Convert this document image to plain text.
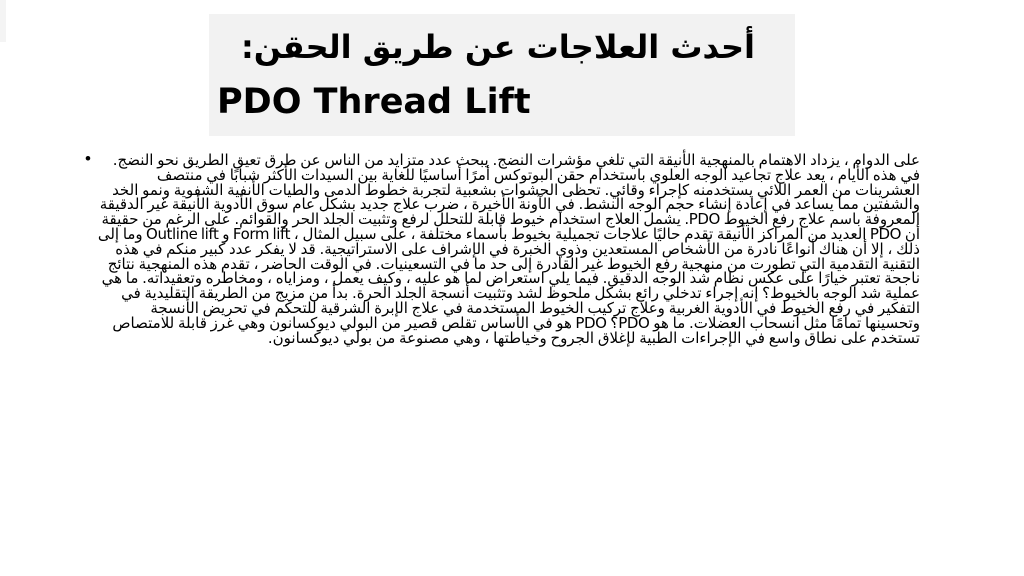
أحدث العلاجات عن طريق الحقن:
PDO Thread Lift
•	على الدوام ، يزداد الاهتمام بالمنهجية الأنيقة التي تلغي مؤشرات النضج. يبحث عدد متزايد من الناس عن طرق تعيق الطريق نحو النضج. في هذه الأيام ، يعد علاج تجاعيد الوجه العلوي باستخدام حقن البوتوكس أمرًا أساسيًا للغاية بين السيدات الأكثر شبابًا في منتصف العشرينات من العمر اللائي يستخدمنه كإجراء وقائي. تحظى الحشوات بشعبية لتجربة خطوط الدمى والطيات الأنفية الشفوية ونمو الخد والشفتين مما يساعد في إعادة إنشاء حجم الوجه النشط. في الآونة الأخيرة ، ضرب علاج جديد بشكل عام سوق الأدوية الأنيقة غير الدقيقة المعروفة باسم علاج رفع الخيوط PDO. يشمل العلاج استخدام خيوط قابلة للتحلل لرفع وتثبيت الجلد الحر والقوائم. على الرغم من حقيقة أن PDO العديد من المراكز الأنيقة تقدم حاليًا علاجات تجميلية بخيوط بأسماء مختلفة ، على سبيل المثال ، Form lift و Outline lift وما إلى ذلك ، إلا أن هناك أنواعًا نادرة من الأشخاص المستعدين وذوي الخبرة في الإشراف على الاستراتيجية. قد لا يفكر عدد كبير منكم في هذه التقنية التقدمية التي تطورت من منهجية رفع الخيوط غير القادرة إلى حد ما في التسعينيات. في الوقت الحاضر ، تقدم هذه المنهجية نتائج ناجحة تعتبر خيارًا على عكس نظام شد الوجه الدقيق. فيما يلي استعراض لما هو عليه ، وكيف يعمل ، ومزاياه ، ومخاطره وتعقيداته. ما هي عملية شد الوجه بالخيوط؟ إنه إجراء تدخلي رائع بشكل ملحوظ لشد وتثبيت أنسجة الجلد الحرة. بدأ من مزيج من الطريقة التقليدية في التفكير في رفع الخيوط في الأدوية الغربية وعلاج تركيب الخيوط المستخدمة في علاج الإبرة الشرقية للتحكم في تحريض الأنسجة وتحسينها تمامًا مثل انسحاب العضلات. ما هو PDO؟ PDO هو في الأساس تقلص قصير من البولي ديوكسانون وهي غرز قابلة للامتصاص تستخدم على نطاق واسع في الإجراءات الطبية لإغلاق الجروح وخياطتها ، وهي مصنوعة من بولي ديوكسانون.
